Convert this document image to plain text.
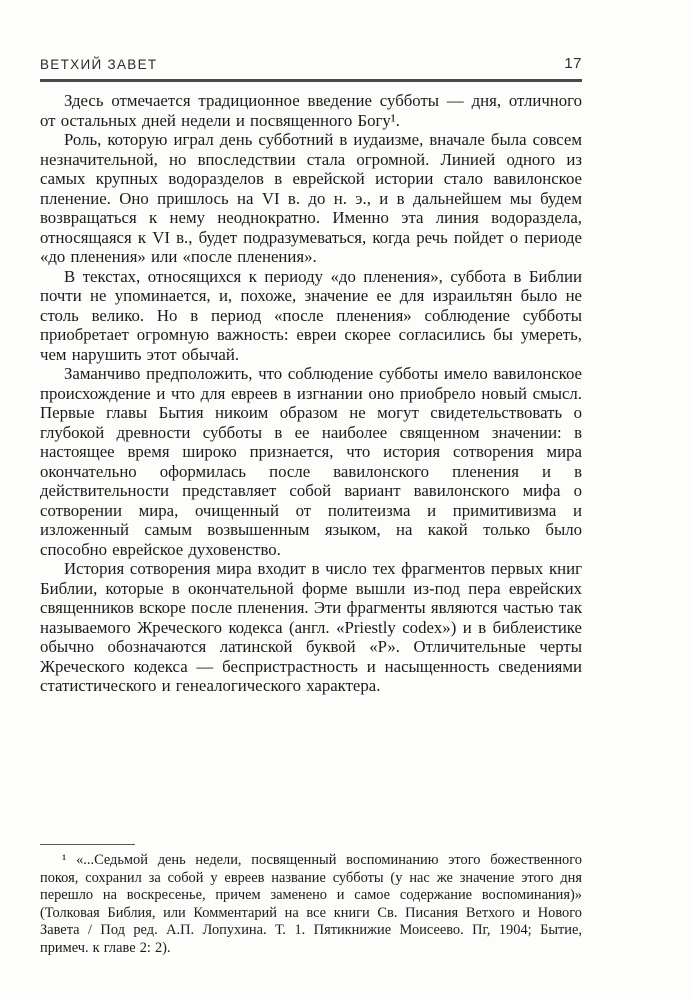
ВЕТХИЙ ЗАВЕТ	17

Здесь отмечается традиционное введение субботы — дня, отличного от остальных дней недели и посвященного Богу¹.

Роль, которую играл день субботний в иудаизме, вначале была совсем незначительной, но впоследствии стала огромной. Линией одного из самых крупных водоразделов в еврейской истории стало вавилонское пленение. Оно пришлось на VI в. до н. э., и в дальнейшем мы будем возвращаться к нему неоднократно. Именно эта линия водораздела, относящаяся к VI в., будет подразумеваться, когда речь пойдет о периоде «до пленения» или «после пленения».

В текстах, относящихся к периоду «до пленения», суббота в Библии почти не упоминается, и, похоже, значение ее для израильтян было не столь велико. Но в период «после пленения» соблюдение субботы приобретает огромную важность: евреи скорее согласились бы умереть, чем нарушить этот обычай.

Заманчиво предположить, что соблюдение субботы имело вавилонское происхождение и что для евреев в изгнании оно приобрело новый смысл. Первые главы Бытия никоим образом не могут свидетельствовать о глубокой древности субботы в ее наиболее священном значении: в настоящее время широко признается, что история сотворения мира окончательно оформилась после вавилонского пленения и в действительности представляет собой вариант вавилонского мифа о сотворении мира, очищенный от политеизма и примитивизма и изложенный самым возвышенным языком, на какой только было способно еврейское духовенство.

История сотворения мира входит в число тех фрагментов первых книг Библии, которые в окончательной форме вышли из-под пера еврейских священников вскоре после пленения. Эти фрагменты являются частью так называемого Жреческого кодекса (англ. «Priestly codex») и в библеистике обычно обозначаются латинской буквой «Р». Отличительные черты Жреческого кодекса — беспристрастность и насыщенность сведениями статистического и генеалогического характера.

¹ «...Седьмой день недели, посвященный воспоминанию этого божественного покоя, сохранил за собой у евреев название субботы (у нас же значение этого дня перешло на воскресенье, причем заменено и самое содержание воспоминания)» (Толковая Библия, или Комментарий на все книги Св. Писания Ветхого и Нового Завета / Под ред. А.П. Лопухина. Т. 1. Пятикнижие Моисеево. Пг, 1904; Бытие, примеч. к главе 2: 2).
